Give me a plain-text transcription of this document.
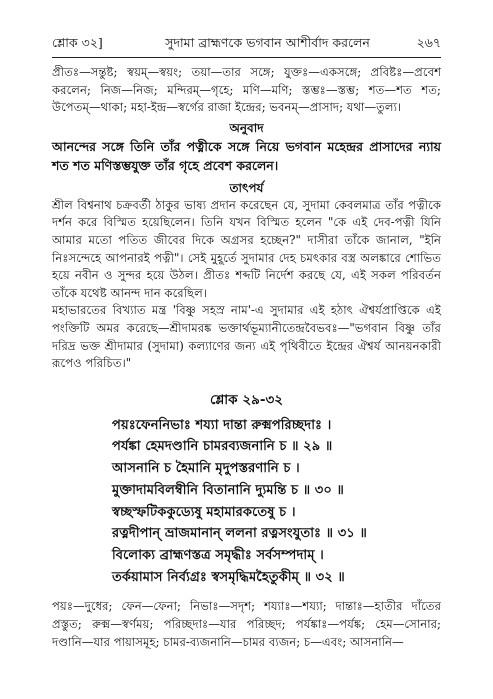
শ্লোক ৩২]	সুদামা ব্রাহ্মণকে ভগবান আশীর্বাদ করলেন	২৬৭

প্রীতঃ—সন্তুষ্ট; স্বয়ম্—স্বয়ং; তয়া—তার সঙ্গে; যুক্তঃ—একসঙ্গে; প্রবিষ্টঃ—প্রবেশ করলেন; নিজ—নিজ; মন্দিরম্—গৃহে; মণি—মণি; স্তম্ভঃ—স্তম্ভ; শত—শত শত; উপেতম্—থাকা; মহা-ইন্দ্র—স্বর্গের রাজা ইন্দ্রের; ভবনম্—প্রাসাদ; যথা—তুল্য।

অনুবাদ

আনন্দের সঙ্গে তিনি তাঁর পত্নীকে সঙ্গে নিয়ে ভগবান মহেন্দ্রর প্রাসাদের ন্যায় শত শত মণিস্তম্ভযুক্ত তাঁর গৃহে প্রবেশ করলেন।

তাৎপর্য

শ্রীল বিশ্বনাথ চক্রবর্তী ঠাকুর ভাষ্য প্রদান করেছেন যে, সুদামা কেবলমাত্র তাঁর পত্নীকে দর্শন করে বিস্মিত হয়েছিলেন। তিনি যখন বিস্মিত হলেন "কে এই দেব-পত্নী যিনি আমার মতো পতিত জীবের দিকে অগ্রসর হচ্ছেন?" দাসীরা তাঁকে জানাল, "ইনি নিঃসন্দেহে আপনারই পত্নী"। সেই মুহূর্তে সুদামার দেহ চমৎকার বস্ত্র অলঙ্কারে শোভিত হয়ে নবীন ও সুন্দর হয়ে উঠল। প্রীতঃ শব্দটি নির্দেশ করছে যে, এই সকল পরিবর্তন তাঁকে যথেষ্ট আনন্দ দান করেছিল।

মহাভারতের বিখ্যাত মন্ত্র 'বিষ্ণু সহস্র নাম'-এ সুদামার এই হঠাৎ ঐশ্বর্যপ্রাপ্তিকে এই পংক্তিটি অমর করেছে—শ্রীদামরঙ্ক ভক্তার্থভূম্যানীতেন্দ্রবৈভবঃ—"ভগবান বিষ্ণু তাঁর দরিদ্র ভক্ত শ্রীদামার (সুদামা) কল্যাণের জন্য এই পৃথিবীতে ইন্দ্রের ঐশ্বর্য আনয়নকারী রূপেও পরিচিত।"

শ্লোক ২৯-৩২
পয়ঃফেননিভাঃ শয্যা দান্তা রুক্মপরিচ্ছদাঃ ।
পর্যঙ্কা হেমদণ্ডানি চামরব্যজনানি চ ॥ ২৯ ॥
আসনানি চ হৈমানি মৃদুপস্তরণানি চ ।
মুক্তাদামবিলম্বীনি বিতানানি দ্যুমন্তি চ ॥ ৩০ ॥
স্বচ্ছস্ফটিককুড্যেষু মহামারকতেষু চ ।
রত্নদীপান্ ভ্রাজমানান্ ললনা রত্নসংযুতাঃ ॥ ৩১ ॥
বিলোক্য ব্রাহ্মণস্তত্র সমৃদ্ধীঃ সর্বসম্পদাম্ ।
তর্কয়ামাস নির্ব্যগ্রঃ স্বসমৃদ্ধিমহৈতুকীম্ ॥ ৩২ ॥

পয়ঃ—দুধের; ফেন—ফেনা; নিভাঃ—সদৃশ; শয্যাঃ—শয্যা; দান্তাঃ—হাতীর দাঁতের প্রস্তুত; রুক্ম—স্বর্ণময়; পরিচ্ছদাঃ—যার পরিচ্ছদ; পর্যঙ্কাঃ—পর্যঙ্ক; হেম—সোনার; দণ্ডানি—যার পায়াসমূহ; চামর-ব্যজনানি—চামর ব্যজন; চ—এবং; আসনানি—
